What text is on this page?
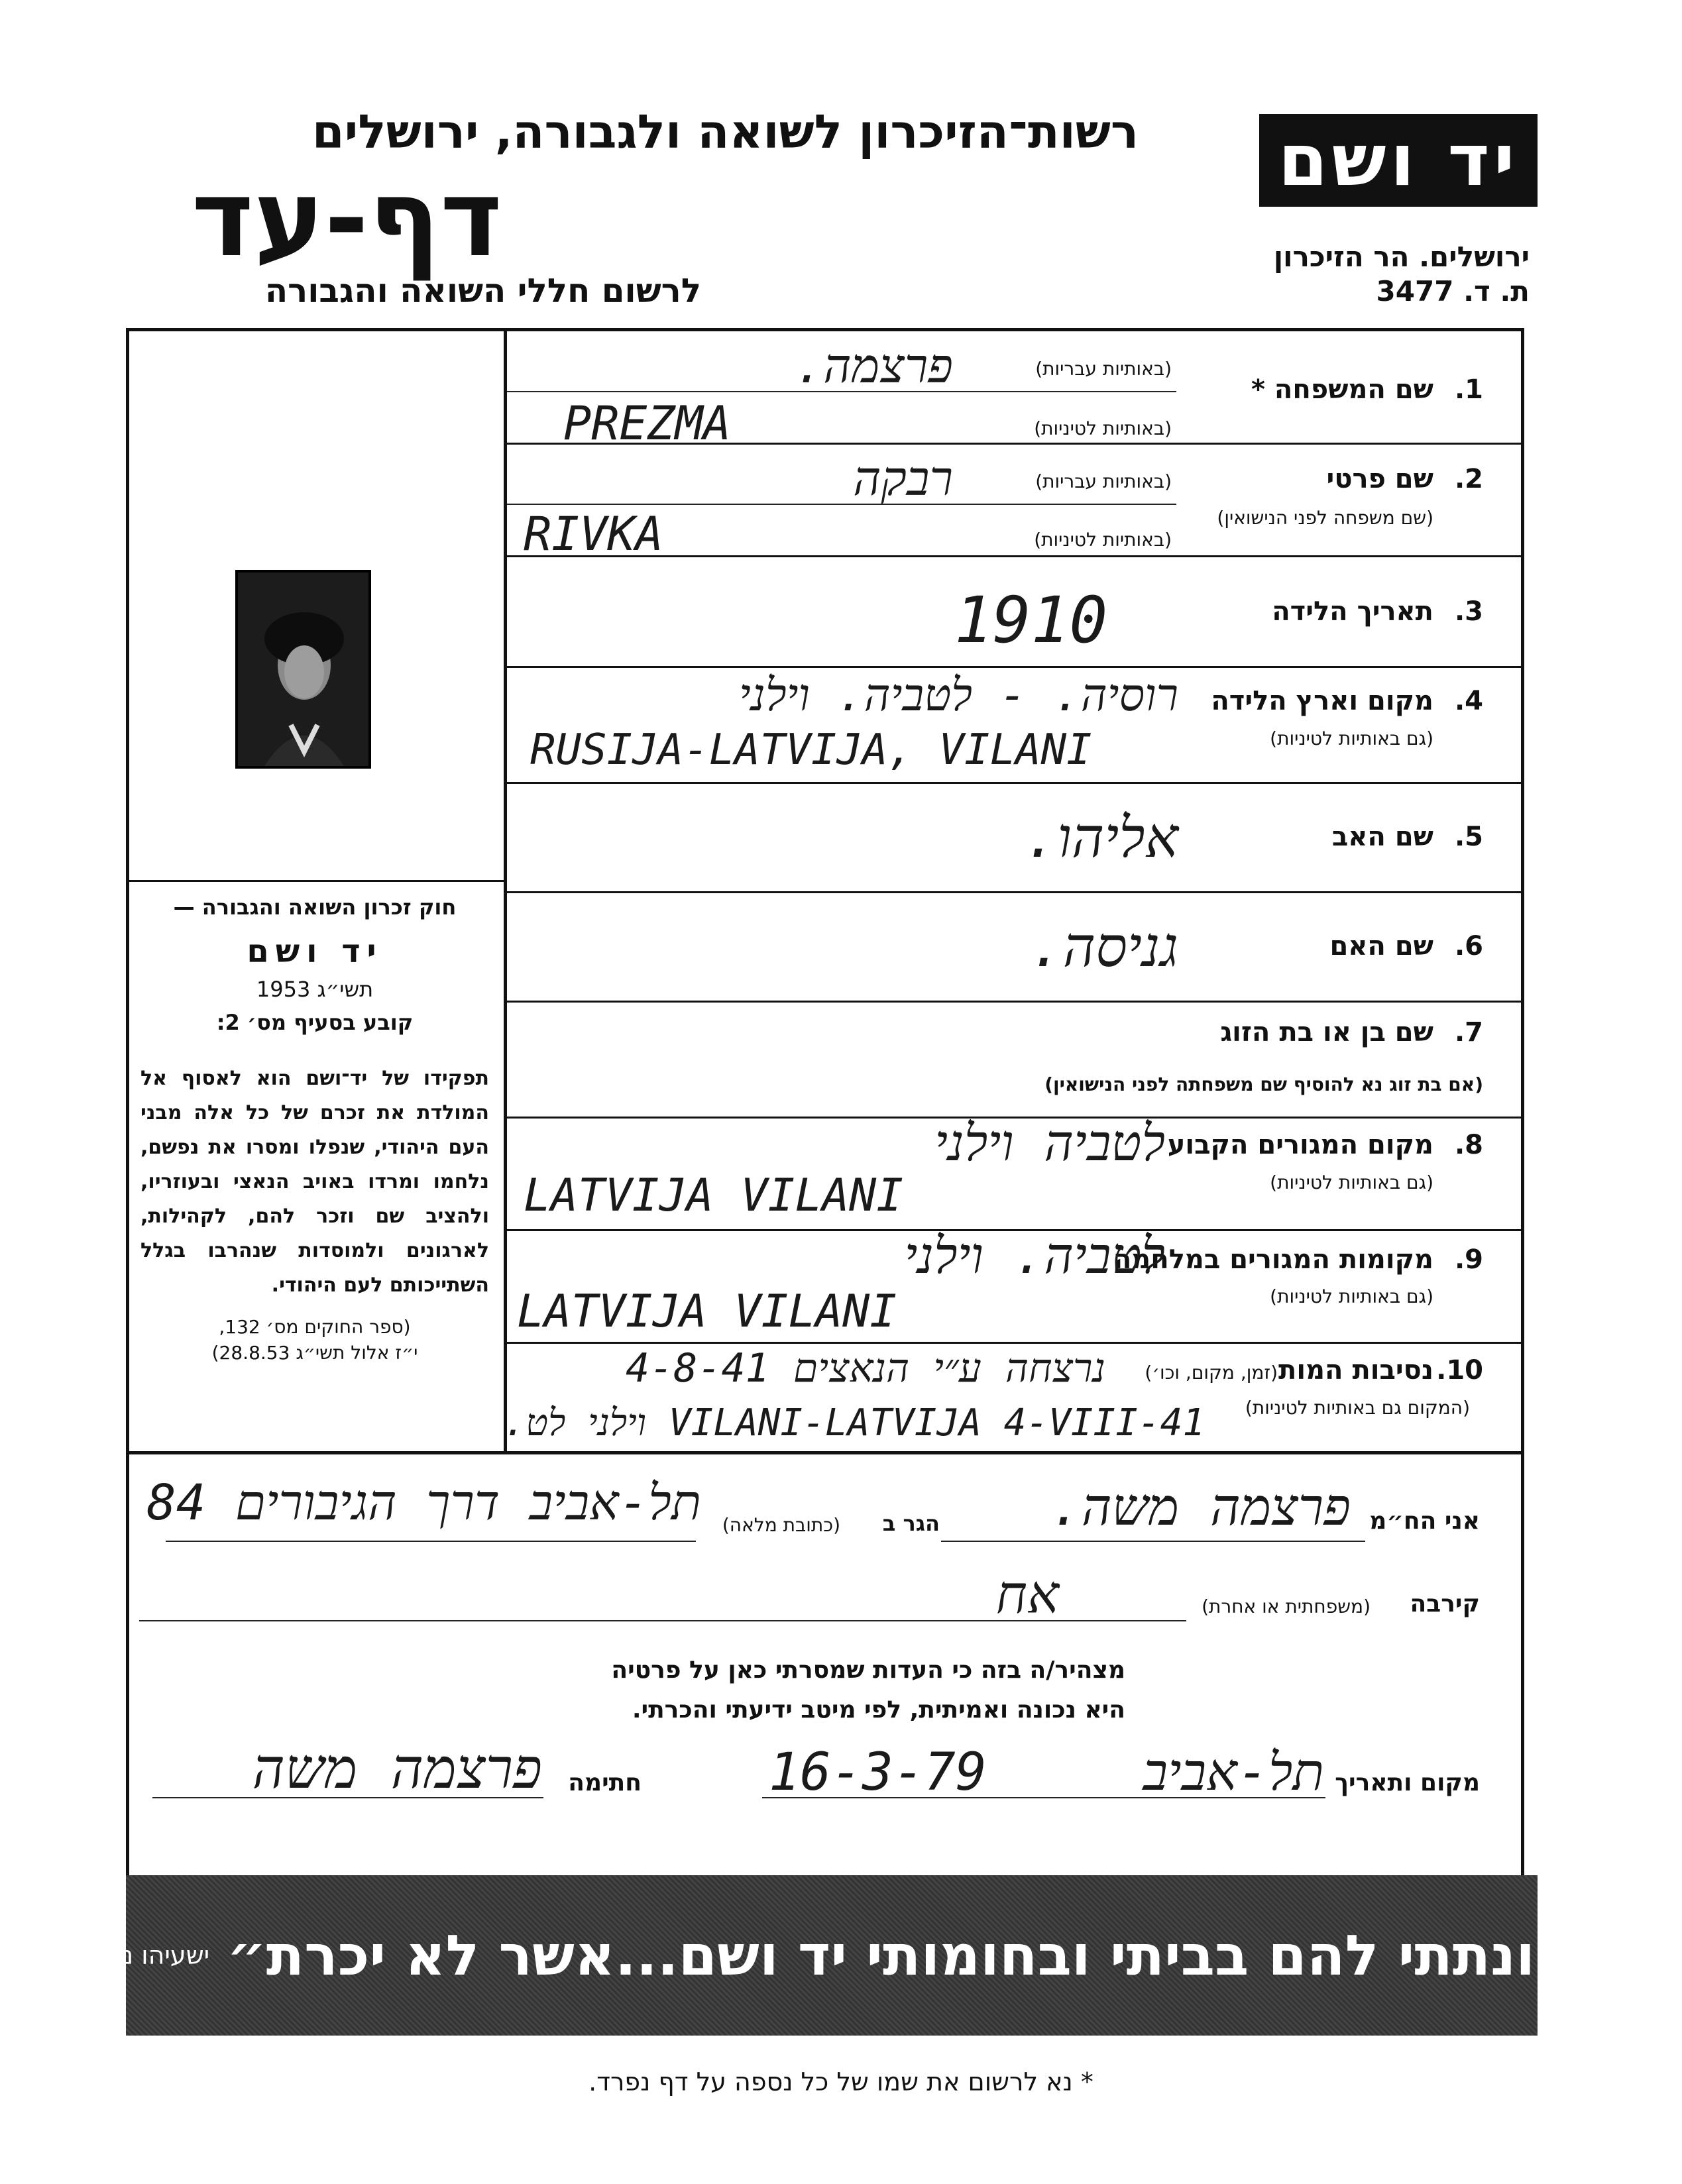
יד ושם
ירושלים. הר הזיכרון
ת. ד. 3477
רשות־הזיכרון לשואה ולגבורה, ירושלים
דף-עד
לרשום חללי השואה והגבורה
1.
שם המשפחה *
(באותיות עבריות)
(באותיות לטיניות)
פרצמה.
PREZMA
2.
שם פרטי
(שם משפחה לפני הנישואין)
(באותיות עבריות)
(באותיות לטיניות)
רבקה
RIVKA
3.
תאריך הלידה
1910
4.
מקום וארץ הלידה
(גם באותיות לטיניות)
רוסיה. - לטביה. וילני
RUSIJA-LATVIJA, VILANI
5.
שם האב
אליהו.
6.
שם האם
גניסה.
7.
שם בן או בת הזוג
(אם בת זוג נא להוסיף שם משפחתה לפני הנישואין)
8.
מקום המגורים הקבוע
(גם באותיות לטיניות)
לטביה וילני
LATVIJA VILANI
9.
מקומות המגורים במלחמה
(גם באותיות לטיניות)
לטביה. וילני
LATVIJA VILANI
10.
נסיבות המות
(זמן, מקום, וכו׳)
(המקום גם באותיות לטיניות)
נרצחה ע״י הנאצים 4-8-41
VILANI-LATVIJA 4-VIII-41 וילני לט.
חוק זכרון השואה והגבורה —
יד ושם
תשי״ג 1953
קובע בסעיף מס׳ 2:
תפקידו של יד־ושם הוא לאסוף אל המולדת את זכרם של כל אלה מבני העם היהודי, שנפלו ומסרו את נפשם, נלחמו ומרדו באויב הנאצי ובעוזריו, ולהציב שם וזכר להם, לקהילות, לארגונים ולמוסדות שנהרבו בגלל השתייכותם לעם היהודי.
(ספר החוקים מס׳ 132,
י״ז אלול תשי״ג 28.8.53)
אני הח״מ
פרצמה משה.
הגר ב
(כתובת מלאה)
תל-אביב דרך הגיבורים 84
קירבה
(משפחתית או אחרת)
אח
מצהיר/ה בזה כי העדות שמסרתי כאן על פרטיה
היא נכונה ואמיתית, לפי מיטב ידיעתי והכרתי.
מקום ותאריך
תל-אביב
16-3-79
חתימה
פרצמה משה
„ונתתי להם בביתי ובחומותי יד ושם...אשר לא יכרת״
ישעיהו נו ה
* נא לרשום את שמו של כל נספה על דף נפרד.
